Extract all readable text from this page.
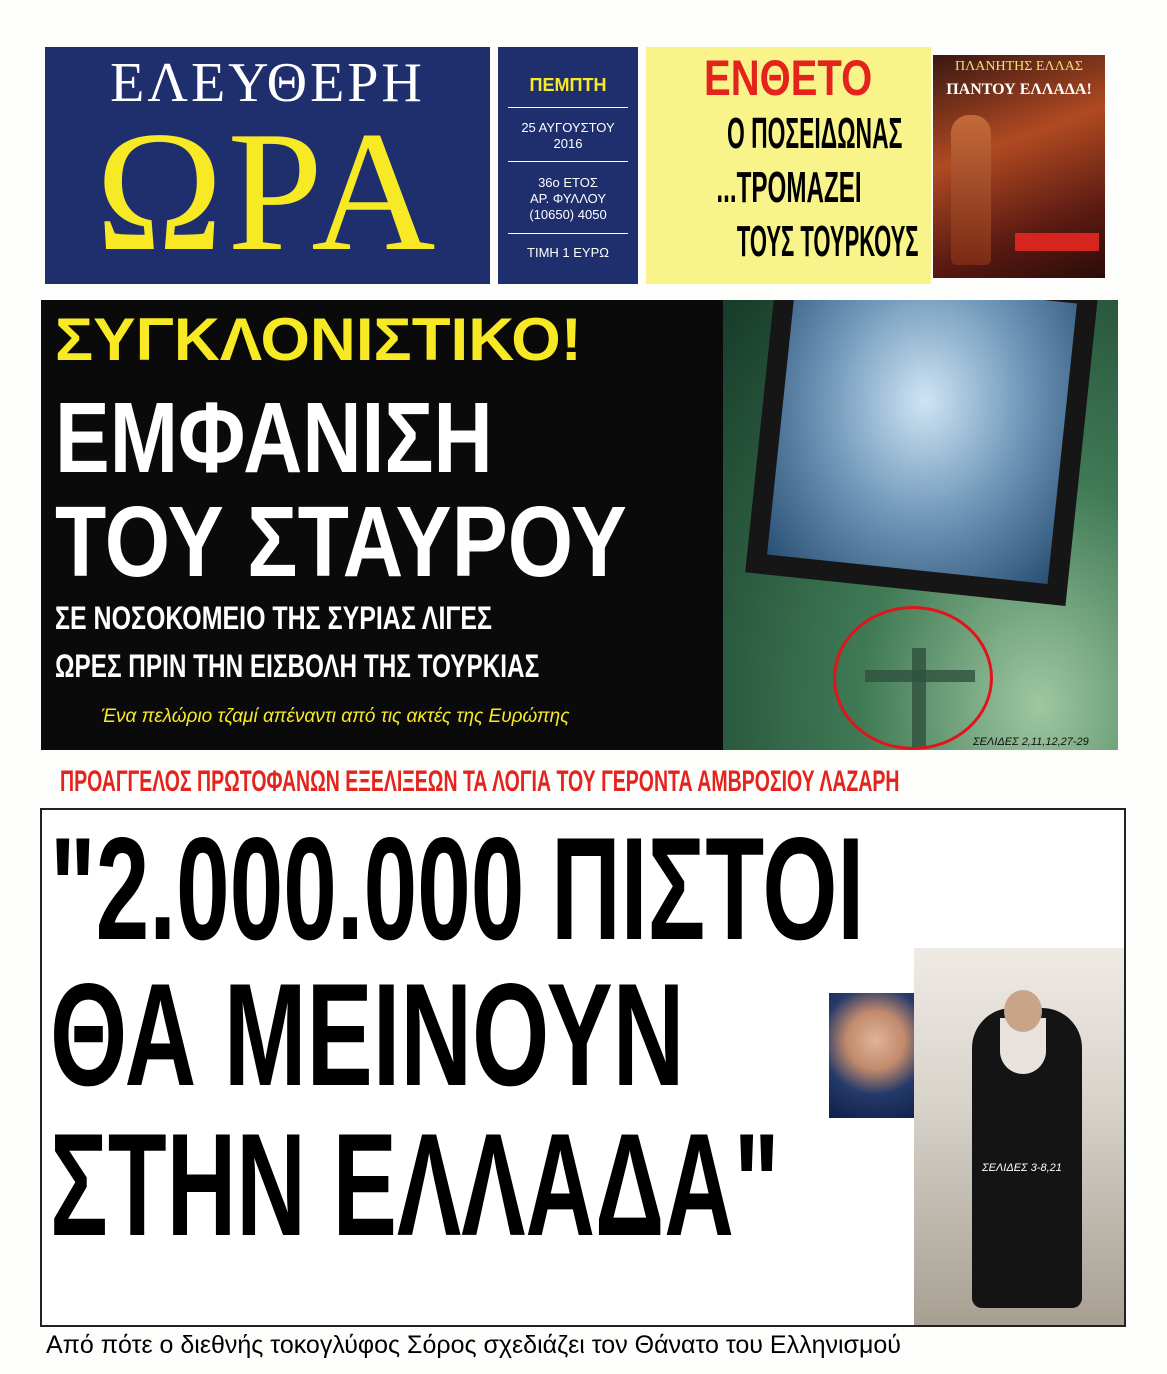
ΕΛΕΥΘΕΡΗ
ΩΡΑ
ΠΕΜΠΤΗ
25 ΑΥΓΟΥΣΤΟΥ
2016
36ο ΕΤΟΣ
ΑΡ. ΦΥΛΛΟΥ
(10650) 4050
ΤΙΜΗ 1 ΕΥΡΩ
ΕΝΘΕΤΟ
Ο ΠΟΣΕΙΔΩΝΑΣ
...ΤΡΟΜΑΖΕΙ
ΤΟΥΣ ΤΟΥΡΚΟΥΣ
ΠΛΑΝΗΤΗΣ ΕΛΛΑΣ
ΠΑΝΤΟΥ ΕΛΛΑΔΑ!
ΣΕΛΙΔΕΣ 2,11,12,27-29
ΣΥΓΚΛΟΝΙΣΤΙΚΟ!
ΕΜΦΑΝΙΣΗ
ΤΟΥ ΣΤΑΥΡΟΥ
ΣΕ ΝΟΣΟΚΟΜΕΙΟ ΤΗΣ ΣΥΡΙΑΣ ΛΙΓΕΣ
ΩΡΕΣ ΠΡΙΝ ΤΗΝ ΕΙΣΒΟΛΗ ΤΗΣ ΤΟΥΡΚΙΑΣ
Ένα πελώριο τζαμί απέναντι από τις ακτές της Ευρώπης
ΠΡΟΑΓΓΕΛΟΣ ΠΡΩΤΟΦΑΝΩΝ ΕΞΕΛΙΞΕΩΝ ΤΑ ΛΟΓΙΑ ΤΟΥ ΓΕΡΟΝΤΑ ΑΜΒΡΟΣΙΟΥ ΛΑΖΑΡΗ
"2.000.000 ΠΙΣΤΟΙ
ΘΑ ΜΕΙΝΟΥΝ
ΣΤΗΝ ΕΛΛΑΔΑ"	ΣΕΛΙΔΕΣ 3-8,21
Από πότε ο διεθνής τοκογλύφος Σόρος σχεδιάζει τον Θάνατο του Ελληνισμού
